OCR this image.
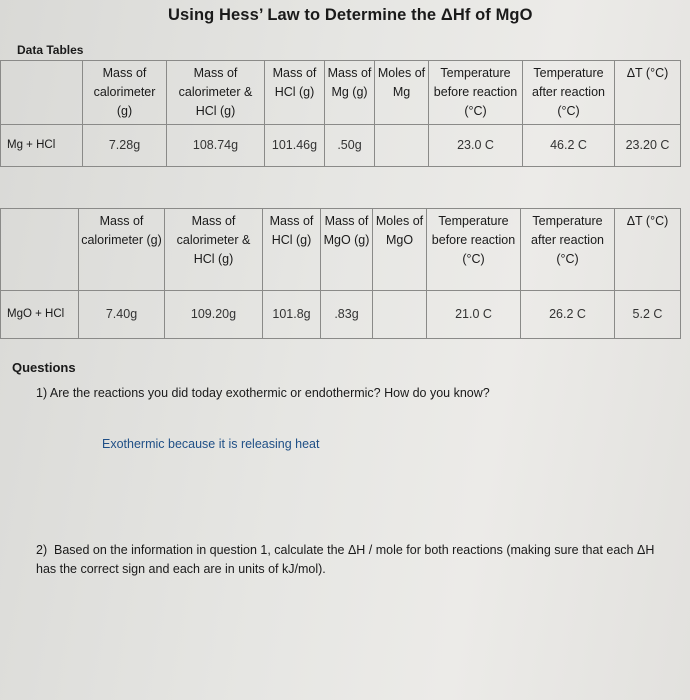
Using Hess’ Law to Determine the ΔHf of MgO
Data Tables
	Mass of calorimeter (g)	Mass of calorimeter & HCl (g)	Mass of HCl (g)	Mass of Mg (g)	Moles of Mg	Temperature before reaction (°C)	Temperature after reaction (°C)	ΔT (°C)
Mg + HCl	7.28g	108.74g	101.46g	.50g		23.0 C	46.2 C	23.20 C
	Mass of calorimeter (g)	Mass of calorimeter & HCl (g)	Mass of HCl (g)	Mass of MgO (g)	Moles of MgO	Temperature before reaction (°C)	Temperature after reaction (°C)	ΔT (°C)
MgO + HCl	7.40g	109.20g	101.8g	.83g		21.0 C	26.2 C	5.2 C
Questions
1) Are the reactions you did today exothermic or endothermic? How do you know?
Exothermic because it is releasing heat
2) Based on the information in question 1, calculate the ΔH / mole for both reactions (making sure that each ΔH has the correct sign and each are in units of kJ/mol).
